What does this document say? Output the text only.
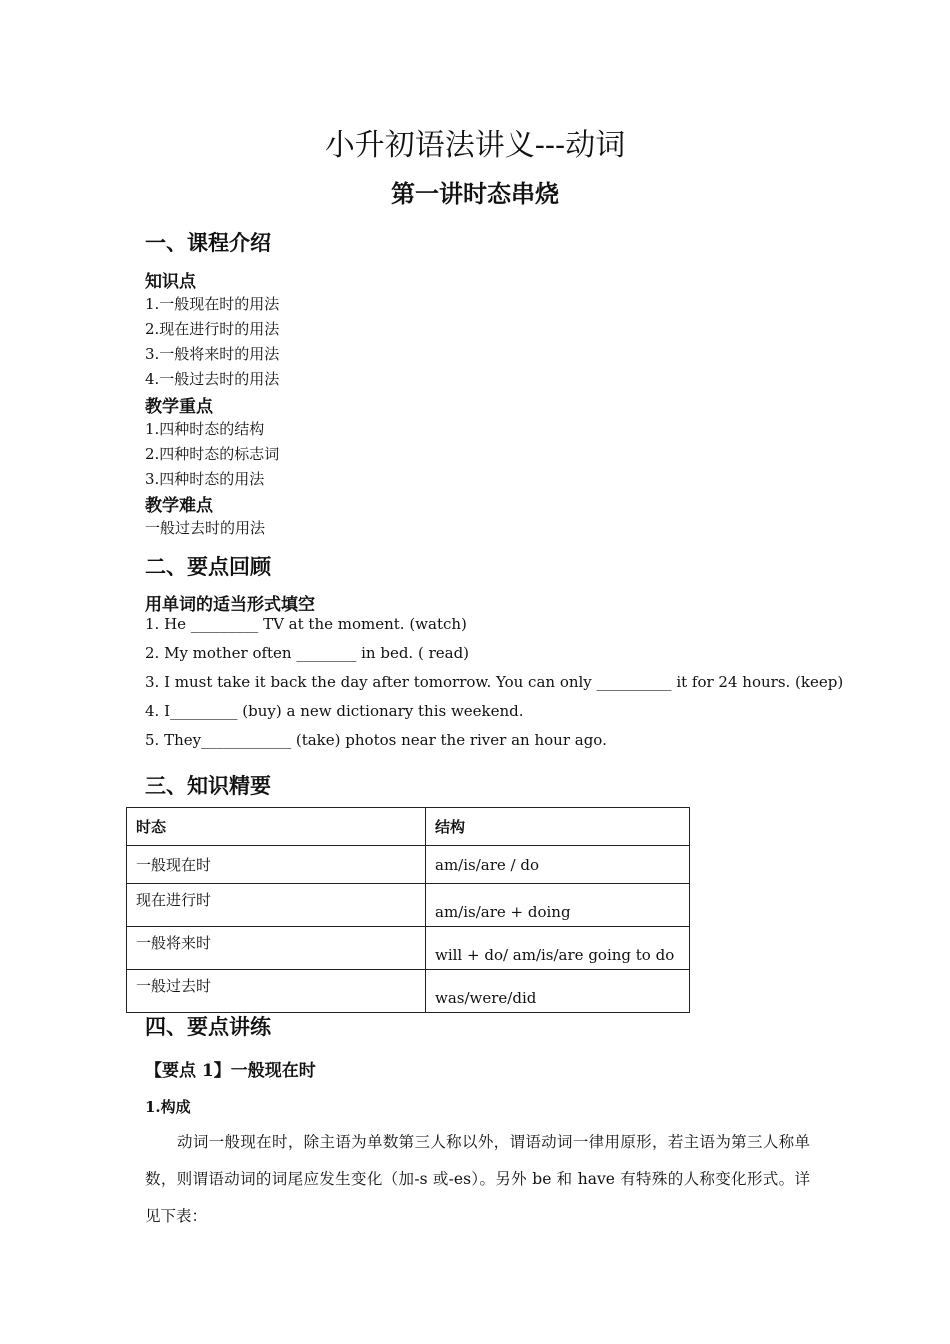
小升初语法讲义---动词
第一讲时态串烧
一、课程介绍
知识点
1.一般现在时的用法
2.现在进行时的用法
3.一般将来时的用法
4.一般过去时的用法
教学重点
1.四种时态的结构
2.四种时态的标志词
3.四种时态的用法
教学难点
一般过去时的用法
二、要点回顾
用单词的适当形式填空
1. He _________ TV at the moment. (watch)
2. My mother often ________ in bed. ( read)
3. I must take it back the day after tomorrow. You can only __________ it for 24 hours. (keep)
4. I_________ (buy) a new dictionary this weekend.
5. They____________ (take) photos near the river an hour ago.
三、知识精要
时态	结构
一般现在时	am/is/are / do
现在进行时	am/is/are + doing
一般将来时	will + do/ am/is/are going to do
一般过去时	was/were/did
四、要点讲练
【要点 1】一般现在时
1.构成
动词一般现在时，除主语为单数第三人称以外，谓语动词一律用原形，若主语为第三人称单数，则谓语动词的词尾应发生变化（加-s 或-es）。另外 be 和 have 有特殊的人称变化形式。详见下表：
